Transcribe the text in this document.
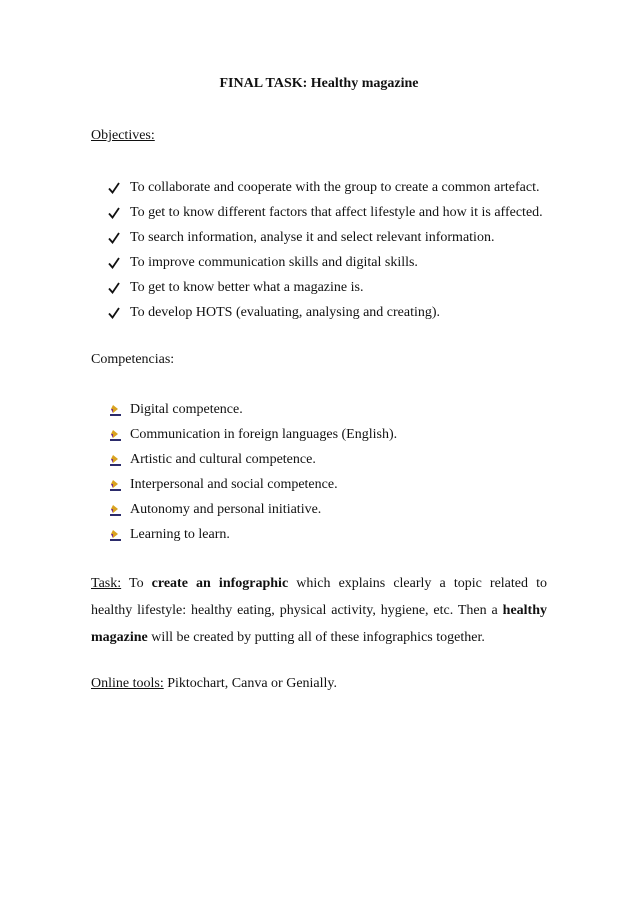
FINAL TASK: Healthy magazine
Objectives:
To collaborate and cooperate with the group to create a common artefact.
To get to know different factors that affect lifestyle and how it is affected.
To search information, analyse it and select relevant information.
To improve communication skills and digital skills.
To get to know better what a magazine is.
To develop HOTS (evaluating, analysing and creating).
Competencias:
Digital competence.
Communication in foreign languages (English).
Artistic and cultural competence.
Interpersonal and social competence.
Autonomy and personal initiative.
Learning to learn.
Task: To create an infographic which explains clearly a topic related to
healthy lifestyle: healthy eating, physical activity, hygiene, etc. Then a healthy
magazine will be created by putting all of these infographics together.
Online tools: Piktochart, Canva or Genially.
